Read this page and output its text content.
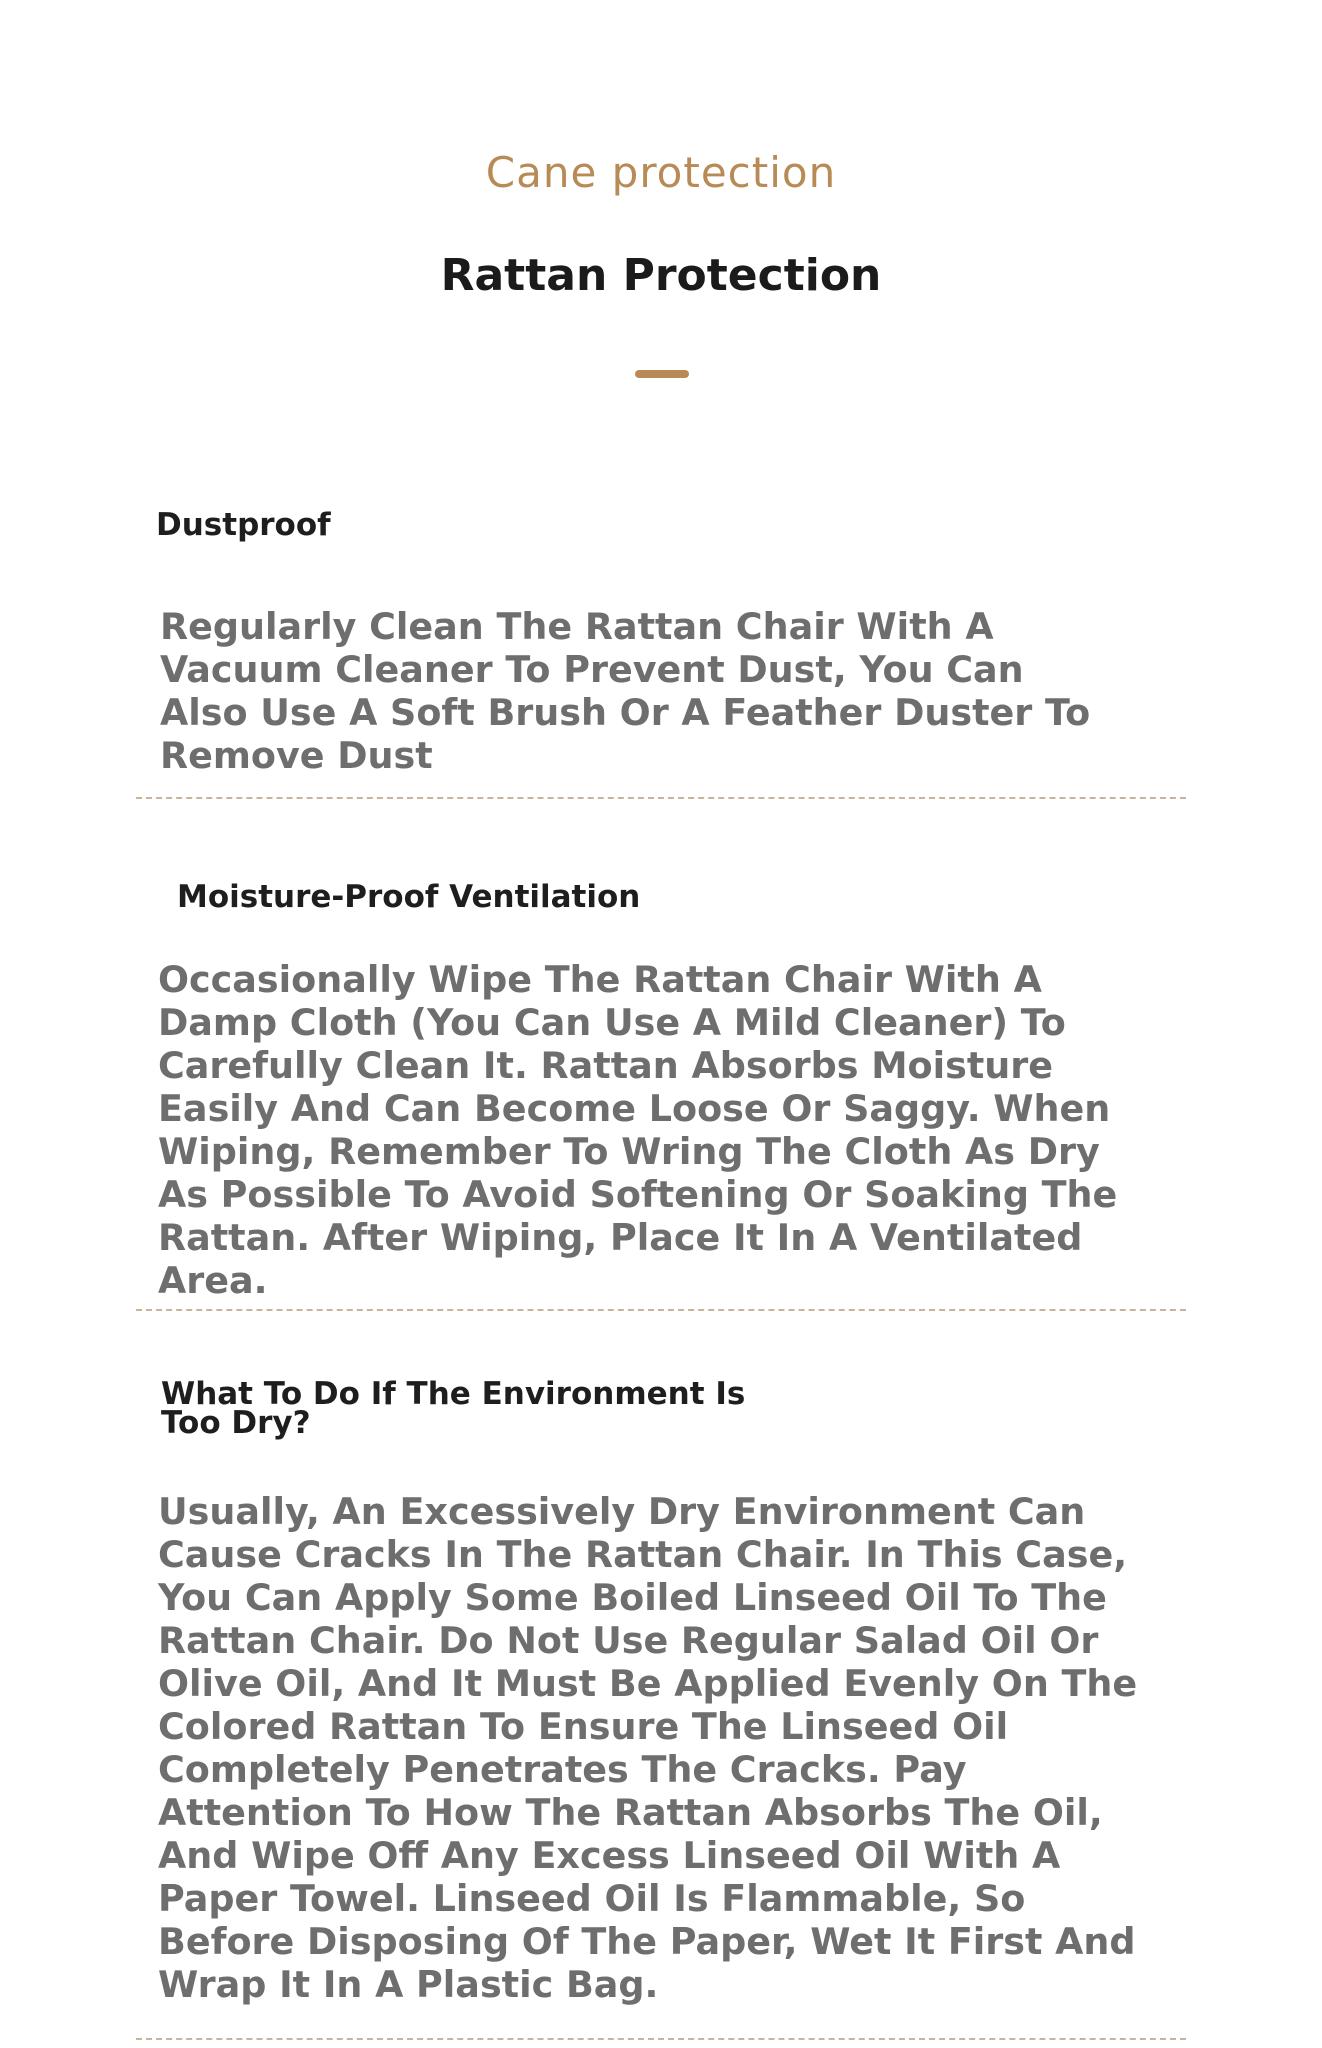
Cane protection
Rattan Protection
Dustproof
Regularly Clean The Rattan Chair With A Vacuum Cleaner To Prevent Dust, You Can Also Use A Soft Brush Or A Feather Duster To Remove Dust
Moisture-Proof Ventilation
Occasionally Wipe The Rattan Chair With A Damp Cloth (You Can Use A Mild Cleaner) To Carefully Clean It. Rattan Absorbs Moisture Easily And Can Become Loose Or Saggy. When Wiping, Remember To Wring The Cloth As Dry As Possible To Avoid Softening Or Soaking The Rattan. After Wiping, Place It In A Ventilated Area.
What To Do If The Environment Is Too Dry?
Usually, An Excessively Dry Environment Can Cause Cracks In The Rattan Chair. In This Case, You Can Apply Some Boiled Linseed Oil To The Rattan Chair. Do Not Use Regular Salad Oil Or Olive Oil, And It Must Be Applied Evenly On The Colored Rattan To Ensure The Linseed Oil Completely Penetrates The Cracks. Pay Attention To How The Rattan Absorbs The Oil, And Wipe Off Any Excess Linseed Oil With A Paper Towel. Linseed Oil Is Flammable, So Before Disposing Of The Paper, Wet It First And Wrap It In A Plastic Bag.
